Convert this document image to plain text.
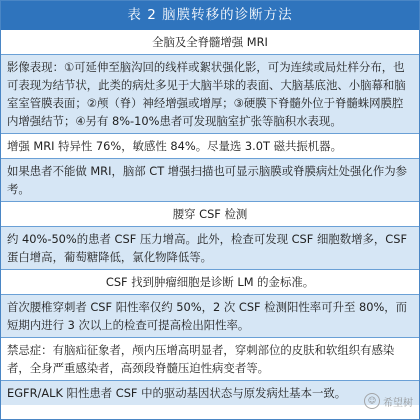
表 2 脑膜转移的诊断方法
全脑及全脊髓增强 MRI
影像表现：①可延伸至脑沟回的线样或絮状强化影，可为连续或局灶样分布，也可表现为结节状，此类的病灶多见于大脑半球的表面、大脑基底池、小脑幕和脑室室管膜表面；②颅（脊）神经增强或增厚；③硬膜下脊髓外位于脊髓蛛网膜腔内增强结节；④另有 8%-10%患者可发现脑室扩张等脑积水表现。
增强 MRI 特异性 76%，敏感性 84%。尽量选 3.0T 磁共振机器。
如果患者不能做 MRI，脑部 CT 增强扫描也可显示脑膜或脊膜病灶处强化作为参考。
腰穿 CSF 检测
约 40%-50%的患者 CSF 压力增高。此外，检查可发现 CSF 细胞数增多，CSF 蛋白增高，葡萄糖降低，氯化物降低等。
CSF 找到肿瘤细胞是诊断 LM 的金标准。
首次腰椎穿刺者 CSF 阳性率仅约 50%，2 次 CSF 检测阳性率可升至 80%，而短期内进行 3 次以上的检查可提高检出阳性率。
禁忌症：有脑疝征象者，颅内压增高明显者，穿刺部位的皮肤和软组织有感染者，全身严重感染者，高颈段脊髓压迫性病变者等。
EGFR/ALK 阳性患者 CSF 中的驱动基因状态与原发病灶基本一致。
☺ 希望树
